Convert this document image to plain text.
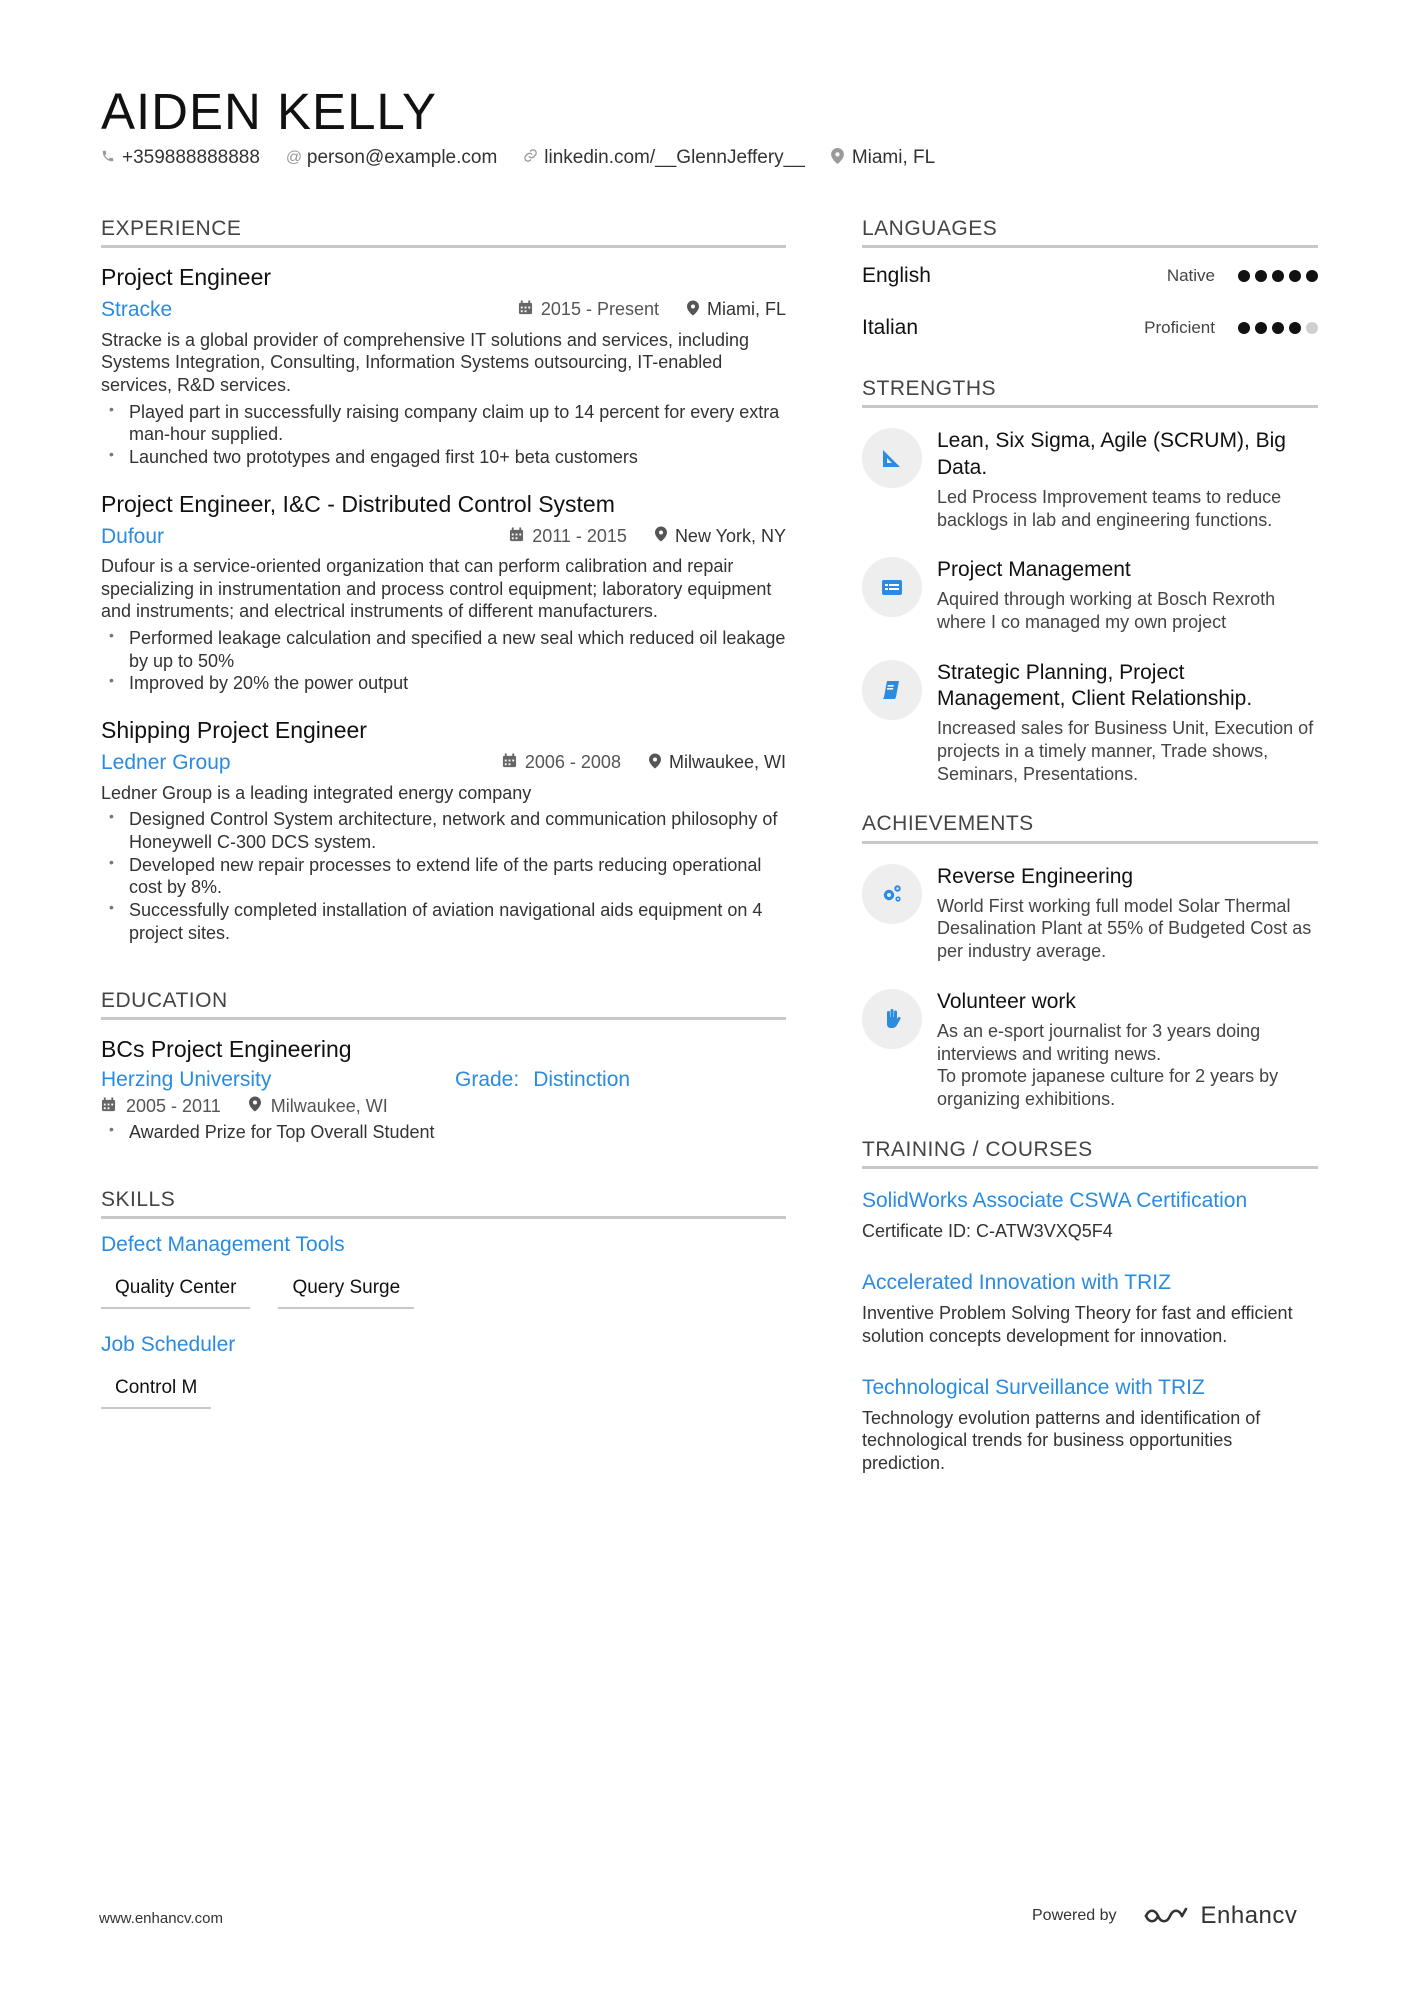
AIDEN KELLY
+359888888888 @ person@example.com linkedin.com/__GlennJeffery__ Miami, FL
EXPERIENCE
Project Engineer
Stracke	2015 - Present	Miami, FL
Stracke is a global provider of comprehensive IT solutions and services, including Systems Integration, Consulting, Information Systems outsourcing, IT-enabled services, R&D services.
• Played part in successfully raising company claim up to 14 percent for every extra man-hour supplied.
• Launched two prototypes and engaged first 10+ beta customers
Project Engineer, I&C - Distributed Control System
Dufour	2011 - 2015	New York, NY
Dufour is a service-oriented organization that can perform calibration and repair specializing in instrumentation and process control equipment; laboratory equipment and instruments; and electrical instruments of different manufacturers.
• Performed leakage calculation and specified a new seal which reduced oil leakage by up to 50%
• Improved by 20% the power output
Shipping Project Engineer
Ledner Group	2006 - 2008	Milwaukee, WI
Ledner Group is a leading integrated energy company
• Designed Control System architecture, network and communication philosophy of Honeywell C-300 DCS system.
• Developed new repair processes to extend life of the parts reducing operational cost by 8%.
• Successfully completed installation of aviation navigational aids equipment on 4 project sites.
EDUCATION
BCs Project Engineering
Herzing University	Grade: Distinction
2005 - 2011	Milwaukee, WI
• Awarded Prize for Top Overall Student
SKILLS
Defect Management Tools
Quality Center	Query Surge
Job Scheduler
Control M
LANGUAGES
English	Native
Italian	Proficient
STRENGTHS
Lean, Six Sigma, Agile (SCRUM), Big Data.
Led Process Improvement teams to reduce backlogs in lab and engineering functions.
Project Management
Aquired through working at Bosch Rexroth where I co managed my own project
Strategic Planning, Project Management, Client Relationship.
Increased sales for Business Unit, Execution of projects in a timely manner, Trade shows, Seminars, Presentations.
ACHIEVEMENTS
Reverse Engineering
World First working full model Solar Thermal Desalination Plant at 55% of Budgeted Cost as per industry average.
Volunteer work
As an e-sport journalist for 3 years doing interviews and writing news.
To promote japanese culture for 2 years by organizing exhibitions.
TRAINING / COURSES
SolidWorks Associate CSWA Certification
Certificate ID: C-ATW3VXQ5F4
Accelerated Innovation with TRIZ
Inventive Problem Solving Theory for fast and efficient solution concepts development for innovation.
Technological Surveillance with TRIZ
Technology evolution patterns and identification of technological trends for business opportunities prediction.
www.enhancv.com	Powered by	Enhancv
